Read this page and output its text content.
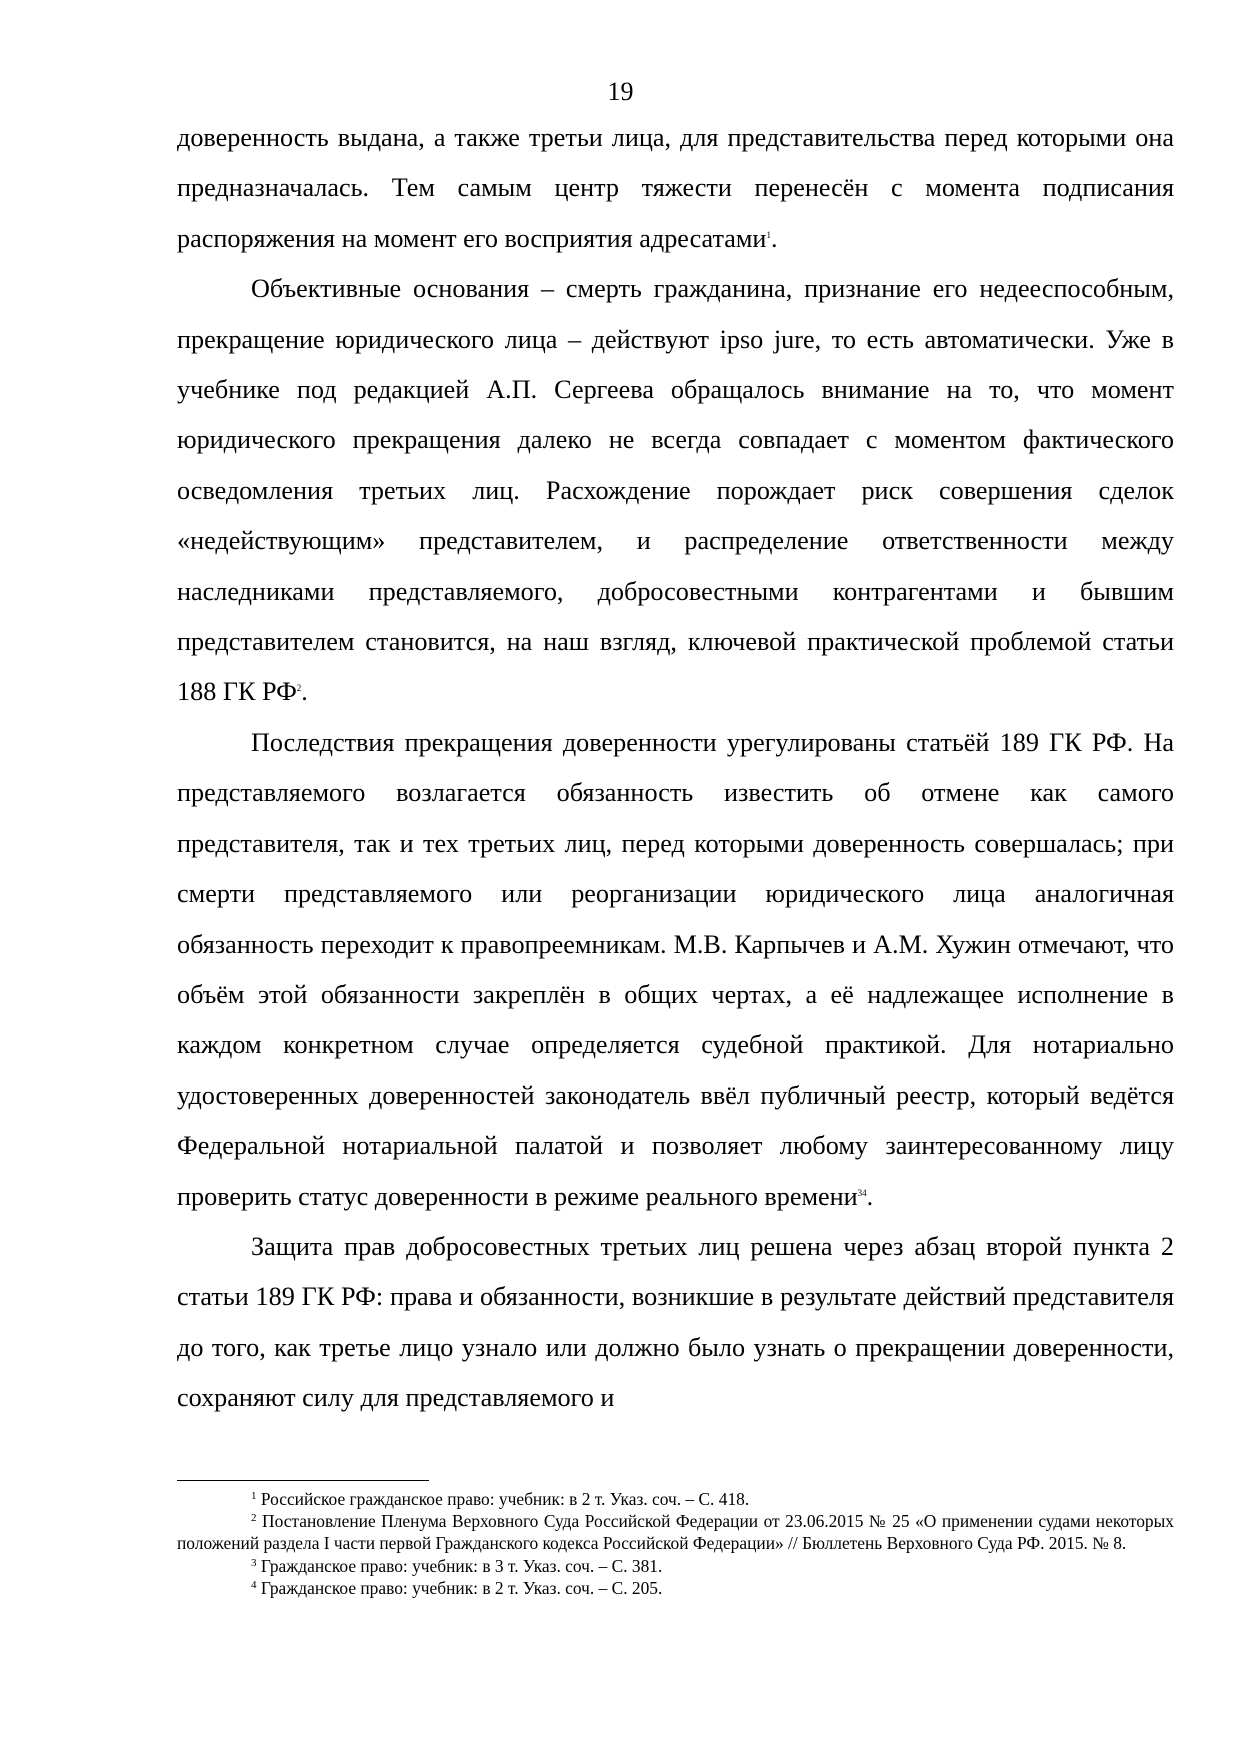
19

доверенность выдана, а также третьи лица, для представительства перед которыми она предназначалась. Тем самым центр тяжести перенесён с момента подписания распоряжения на момент его восприятия адресатами$^1$.

Объективные основания – смерть гражданина, признание его недееспособным, прекращение юридического лица – действуют ipso jure, то есть автоматически. Уже в учебнике под редакцией А.П. Сергеева обращалось внимание на то, что момент юридического прекращения далеко не всегда совпадает с моментом фактического осведомления третьих лиц. Расхождение порождает риск совершения сделок «недействующим» представителем, и распределение ответственности между наследниками представляемого, добросовестными контрагентами и бывшим представителем становится, на наш взгляд, ключевой практической проблемой статьи 188 ГК РФ$^2$.

Последствия прекращения доверенности урегулированы статьёй 189 ГК РФ. На представляемого возлагается обязанность известить об отмене как самого представителя, так и тех третьих лиц, перед которыми доверенность совершалась; при смерти представляемого или реорганизации юридического лица аналогичная обязанность переходит к правопреемникам. М.В. Карпычев и А.М. Хужин отмечают, что объём этой обязанности закреплён в общих чертах, а её надлежащее исполнение в каждом конкретном случае определяется судебной практикой. Для нотариально удостоверенных доверенностей законодатель ввёл публичный реестр, который ведётся Федеральной нотариальной палатой и позволяет любому заинтересованному лицу проверить статус доверенности в режиме реального времени$^{34}$.

Защита прав добросовестных третьих лиц решена через абзац второй пункта 2 статьи 189 ГК РФ: права и обязанности, возникшие в результате действий представителя до того, как третье лицо узнало или должно было узнать о прекращении доверенности, сохраняют силу для представляемого и

$^1$ Российское гражданское право: учебник: в 2 т. Указ. соч. – С. 418.

$^2$ Постановление Пленума Верховного Суда Российской Федерации от 23.06.2015 № 25 «О применении судами некоторых положений раздела I части первой Гражданского кодекса Российской Федерации» // Бюллетень Верховного Суда РФ. 2015. № 8.

$^3$ Гражданское право: учебник: в 3 т. Указ. соч. – С. 381.

$^4$ Гражданское право: учебник: в 2 т. Указ. соч. – С. 205.
